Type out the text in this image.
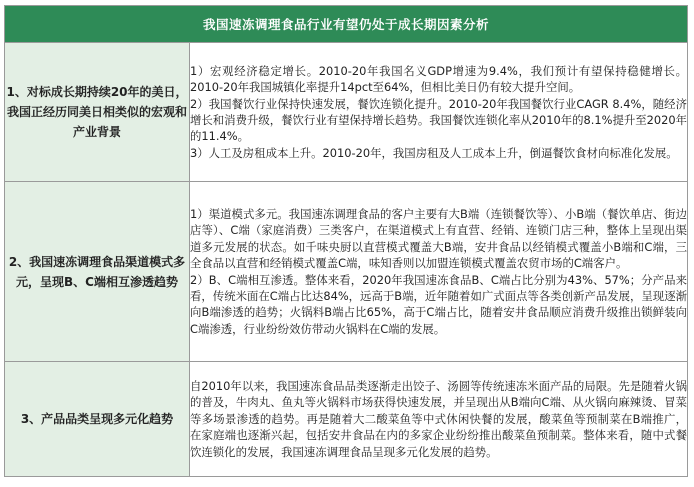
我国速冻调理食品行业有望仍处于成长期因素分析	
1、对标成长期持续20年的美日，我国正经历同美日相类似的宏观和产业背景	1）宏观经济稳定增长。2010-20年我国名义GDP增速为9.4%，我们预计有望保持稳健增长。2010-20年我国城镇化率提升14pct至64%，但相比美日仍有较大提升空间。

2）我国餐饮行业保持快速发展，餐饮连锁化提升。2010-20年我国餐饮行业CAGR 8.4%，随经济增长和消费升级，餐饮行业有望保持增长趋势。我国餐饮连锁化率从2010年的8.1%提升至2020年的11.4%。

3）人工及房租成本上升。2010-20年，我国房租及人工成本上升，倒逼餐饮食材向标准化发展。

2、我国速冻调理食品渠道模式多元，呈现B、C端相互渗透趋势	1）渠道模式多元。我国速冻调理食品的客户主要有大B端（连锁餐饮等）、小B端（餐饮单店、街边店等）、C端（家庭消费）三类客户，在渠道模式上有直营、经销、连锁门店三种，整体上呈现出渠道多元发展的状态。如千味央厨以直营模式覆盖大B端，安井食品以经销模式覆盖小B端和C端，三全食品以直营和经销模式覆盖C端，味知香则以加盟连锁模式覆盖农贸市场的C端客户。

2）B、C端相互渗透。整体来看，2020年我国速冻食品B、C端占比分别为43%、57%；分产品来看，传统米面在C端占比达84%，远高于B端，近年随着如广式面点等各类创新产品发展，呈现逐渐向B端渗透的趋势；火锅料B端占比65%，高于C端占比，随着安井食品顺应消费升级推出锁鲜装向C端渗透，行业纷纷效仿带动火锅料在C端的发展。

3、产品品类呈现多元化趋势	自2010年以来，我国速冻食品品类逐渐走出饺子、汤圆等传统速冻米面产品的局限。先是随着火锅的普及，牛肉丸、鱼丸等火锅料市场获得快速发展，并呈现出从B端向C端、从火锅向麻辣烫、冒菜等多场景渗透的趋势。再是随着大二酸菜鱼等中式休闲快餐的发展，酸菜鱼等预制菜在B端推广，在家庭端也逐渐兴起，包括安井食品在内的多家企业纷纷推出酸菜鱼预制菜。整体来看，随中式餐饮连锁化的发展，我国速冻调理食品呈现多元化发展的趋势。
